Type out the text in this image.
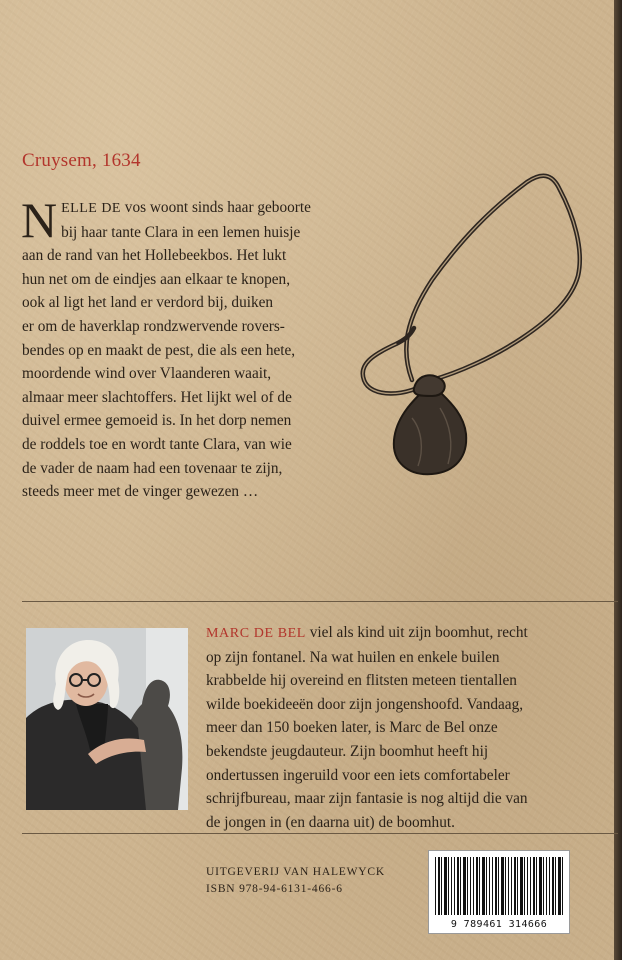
Cruysem, 1634

N ELLE DE vos woont sinds haar geboorte
bij haar tante Clara in een lemen huisje
aan de rand van het Hollebeekbos. Het lukt
hun net om de eindjes aan elkaar te knopen,
ook al ligt het land er verdord bij, duiken
er om de haverklap rondzwervende rovers-
bendes op en maakt de pest, die als een hete,
moordende wind over Vlaanderen waait,
almaar meer slachtoffers. Het lijkt wel of de
duivel ermee gemoeid is. In het dorp nemen
de roddels toe en wordt tante Clara, van wie
de vader de naam had een tovenaar te zijn,
steeds meer met de vinger gewezen …

MARC DE BEL viel als kind uit zijn boomhut, recht
op zijn fontanel. Na wat huilen en enkele builen
krabbelde hij overeind en flitsten meteen tientallen
wilde boekideeën door zijn jongenshoofd. Vandaag,
meer dan 150 boeken later, is Marc de Bel onze
bekendste jeugdauteur. Zijn boomhut heeft hij
ondertussen ingeruild voor een iets comfortabeler
schrijfbureau, maar zijn fantasie is nog altijd die van
de jongen in (en daarna uit) de boomhut.

UITGEVERIJ VAN HALEWYCK
ISBN 978-94-6131-466-6
9 789461 314666
